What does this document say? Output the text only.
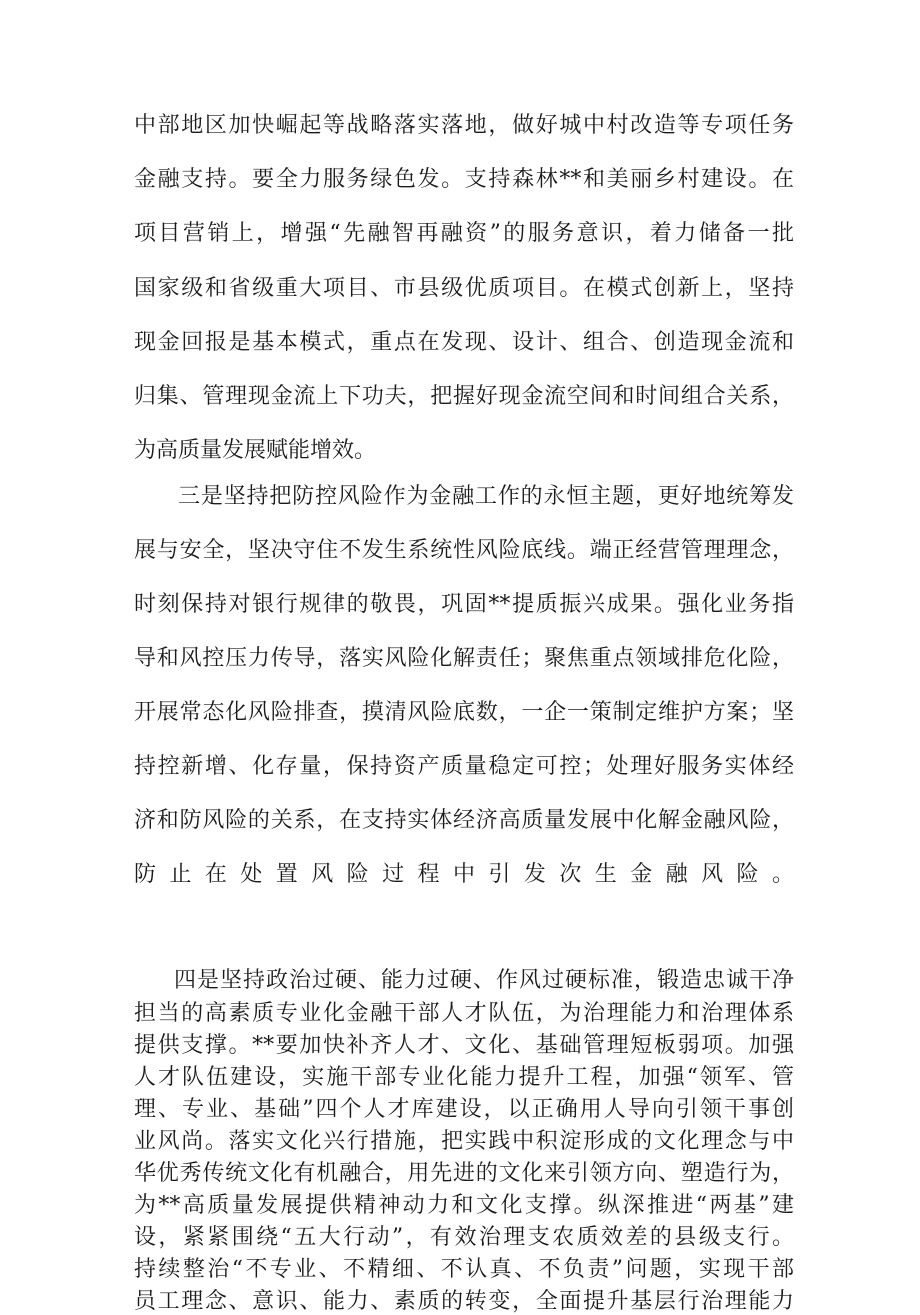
中部地区加快崛起等战略落实落地，做好城中村改造等专项任务
金融支持。要全力服务绿色发。支持森林**和美丽乡村建设。在
项目营销上，增强“先融智再融资”的服务意识，着力储备一批
国家级和省级重大项目、市县级优质项目。在模式创新上，坚持
现金回报是基本模式，重点在发现、设计、组合、创造现金流和
归集、管理现金流上下功夫，把握好现金流空间和时间组合关系，
为高质量发展赋能增效。
三是坚持把防控风险作为金融工作的永恒主题，更好地统筹发
展与安全，坚决守住不发生系统性风险底线。端正经营管理理念，
时刻保持对银行规律的敬畏，巩固**提质振兴成果。强化业务指
导和风控压力传导，落实风险化解责任；聚焦重点领域排危化险，
开展常态化风险排查，摸清风险底数，一企一策制定维护方案；坚
持控新增、化存量，保持资产质量稳定可控；处理好服务实体经
济和防风险的关系，在支持实体经济高质量发展中化解金融风险，
防止在处置风险过程中引发次生金融风险。
四是坚持政治过硬、能力过硬、作风过硬标准，锻造忠诚干净
担当的高素质专业化金融干部人才队伍，为治理能力和治理体系
提供支撑。**要加快补齐人才、文化、基础管理短板弱项。加强
人才队伍建设，实施干部专业化能力提升工程，加强“领军、管
理、专业、基础”四个人才库建设，以正确用人导向引领干事创
业风尚。落实文化兴行措施，把实践中积淀形成的文化理念与中
华优秀传统文化有机融合，用先进的文化来引领方向、塑造行为，
为**高质量发展提供精神动力和文化支撑。纵深推进“两基”建
设，紧紧围绕“五大行动”，有效治理支农质效差的县级支行。
持续整治“不专业、不精细、不认真、不负责”问题，实现干部
员工理念、意识、能力、素质的转变，全面提升基层行治理能力
